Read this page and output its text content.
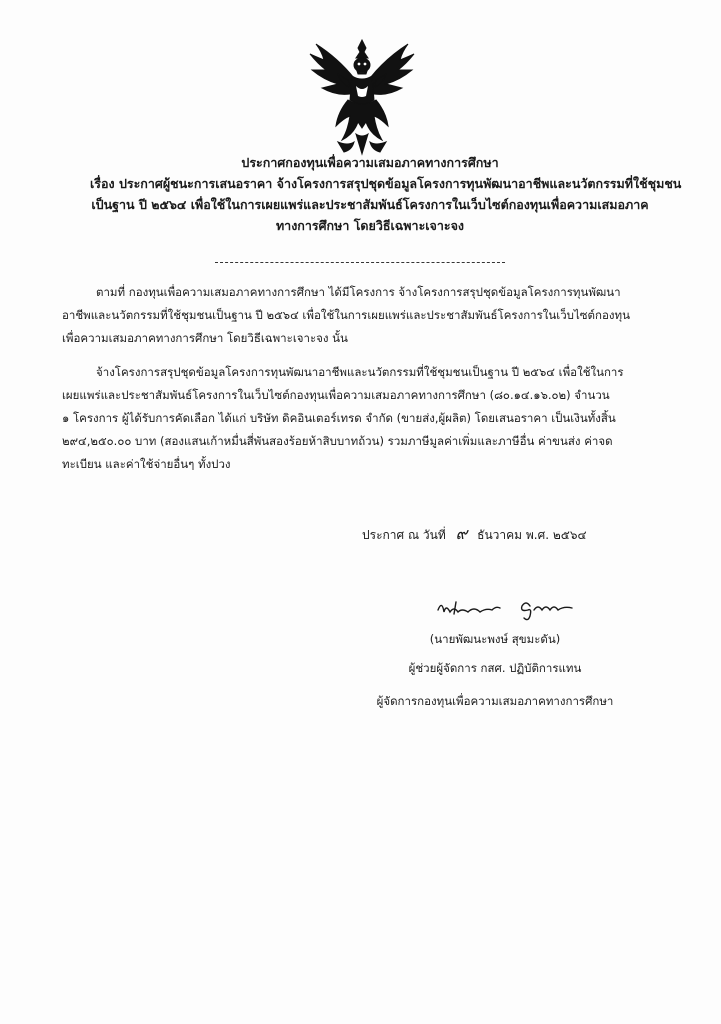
ประกาศกองทุนเพื่อความเสมอภาคทางการศึกษา
เรื่อง ประกาศผู้ชนะการเสนอราคา จ้างโครงการสรุปชุดข้อมูลโครงการทุนพัฒนาอาชีพและนวัตกรรมที่ใช้ชุมชน
เป็นฐาน ปี ๒๕๖๔ เพื่อใช้ในการเผยแพร่และประชาสัมพันธ์โครงการในเว็บไซต์กองทุนเพื่อความเสมอภาค
ทางการศึกษา โดยวิธีเฉพาะเจาะจง
ตามที่ กองทุนเพื่อความเสมอภาคทางการศึกษา ได้มีโครงการ จ้างโครงการสรุปชุดข้อมูลโครงการทุนพัฒนา
อาชีพและนวัตกรรมที่ใช้ชุมชนเป็นฐาน ปี ๒๕๖๔ เพื่อใช้ในการเผยแพร่และประชาสัมพันธ์โครงการในเว็บไซต์กองทุน
เพื่อความเสมอภาคทางการศึกษา โดยวิธีเฉพาะเจาะจง นั้น
จ้างโครงการสรุปชุดข้อมูลโครงการทุนพัฒนาอาชีพและนวัตกรรมที่ใช้ชุมชนเป็นฐาน ปี ๒๕๖๔ เพื่อใช้ในการ
เผยแพร่และประชาสัมพันธ์โครงการในเว็บไซต์กองทุนเพื่อความเสมอภาคทางการศึกษา (๘๐.๑๔.๑๖.๐๒) จำนวน
๑ โครงการ ผู้ได้รับการคัดเลือก ได้แก่ บริษัท ดิคอินเตอร์เทรด จำกัด (ขายส่ง,ผู้ผลิต) โดยเสนอราคา เป็นเงินทั้งสิ้น
๒๙๔,๒๕๐.๐๐ บาท (สองแสนเก้าหมื่นสี่พันสองร้อยห้าสิบบาทถ้วน) รวมภาษีมูลค่าเพิ่มและภาษีอื่น ค่าขนส่ง ค่าจด
ทะเบียน และค่าใช้จ่ายอื่นๆ ทั้งปวง
ประกาศ ณ วันที่ ๙ ธันวาคม พ.ศ. ๒๕๖๔
(นายพัฒนะพงษ์ สุขมะดัน)
ผู้ช่วยผู้จัดการ กสศ. ปฏิบัติการแทน
ผู้จัดการกองทุนเพื่อความเสมอภาคทางการศึกษา
